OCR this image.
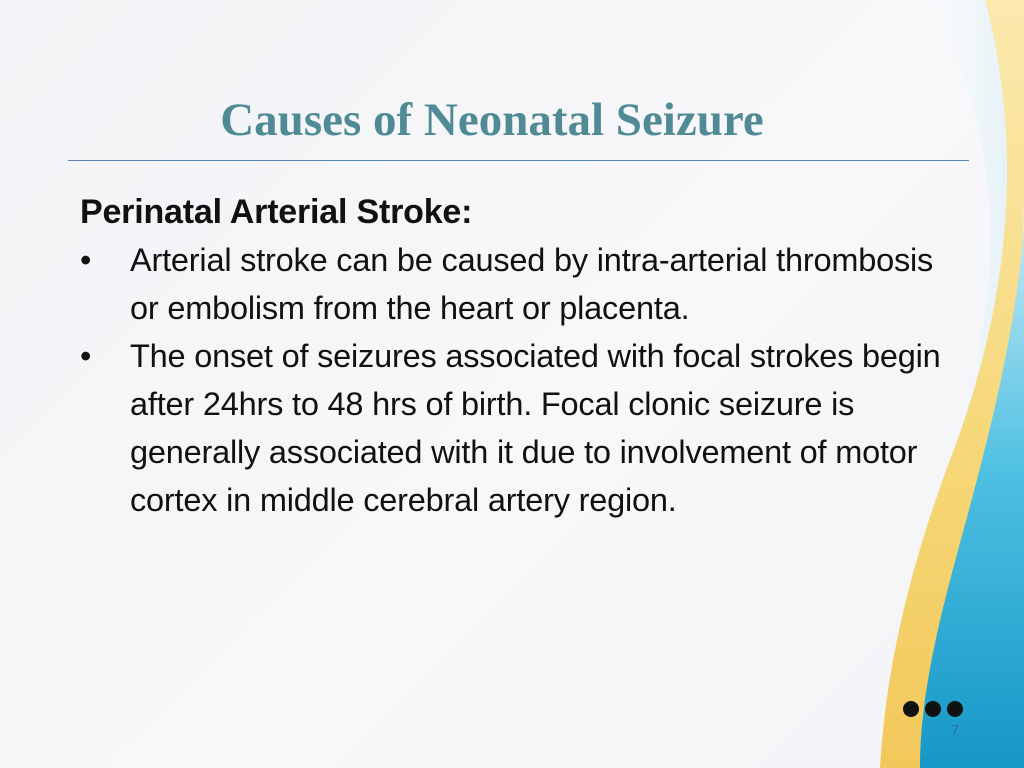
Causes of Neonatal Seizure

Perinatal Arterial Stroke:

• Arterial stroke can be caused by intra-arterial thrombosis or embolism from the heart or placenta.
• The onset of seizures associated with focal strokes begin after 24hrs to 48 hrs of birth. Focal clonic seizure is generally associated with it due to involvement of motor cortex in middle cerebral artery region.
7
